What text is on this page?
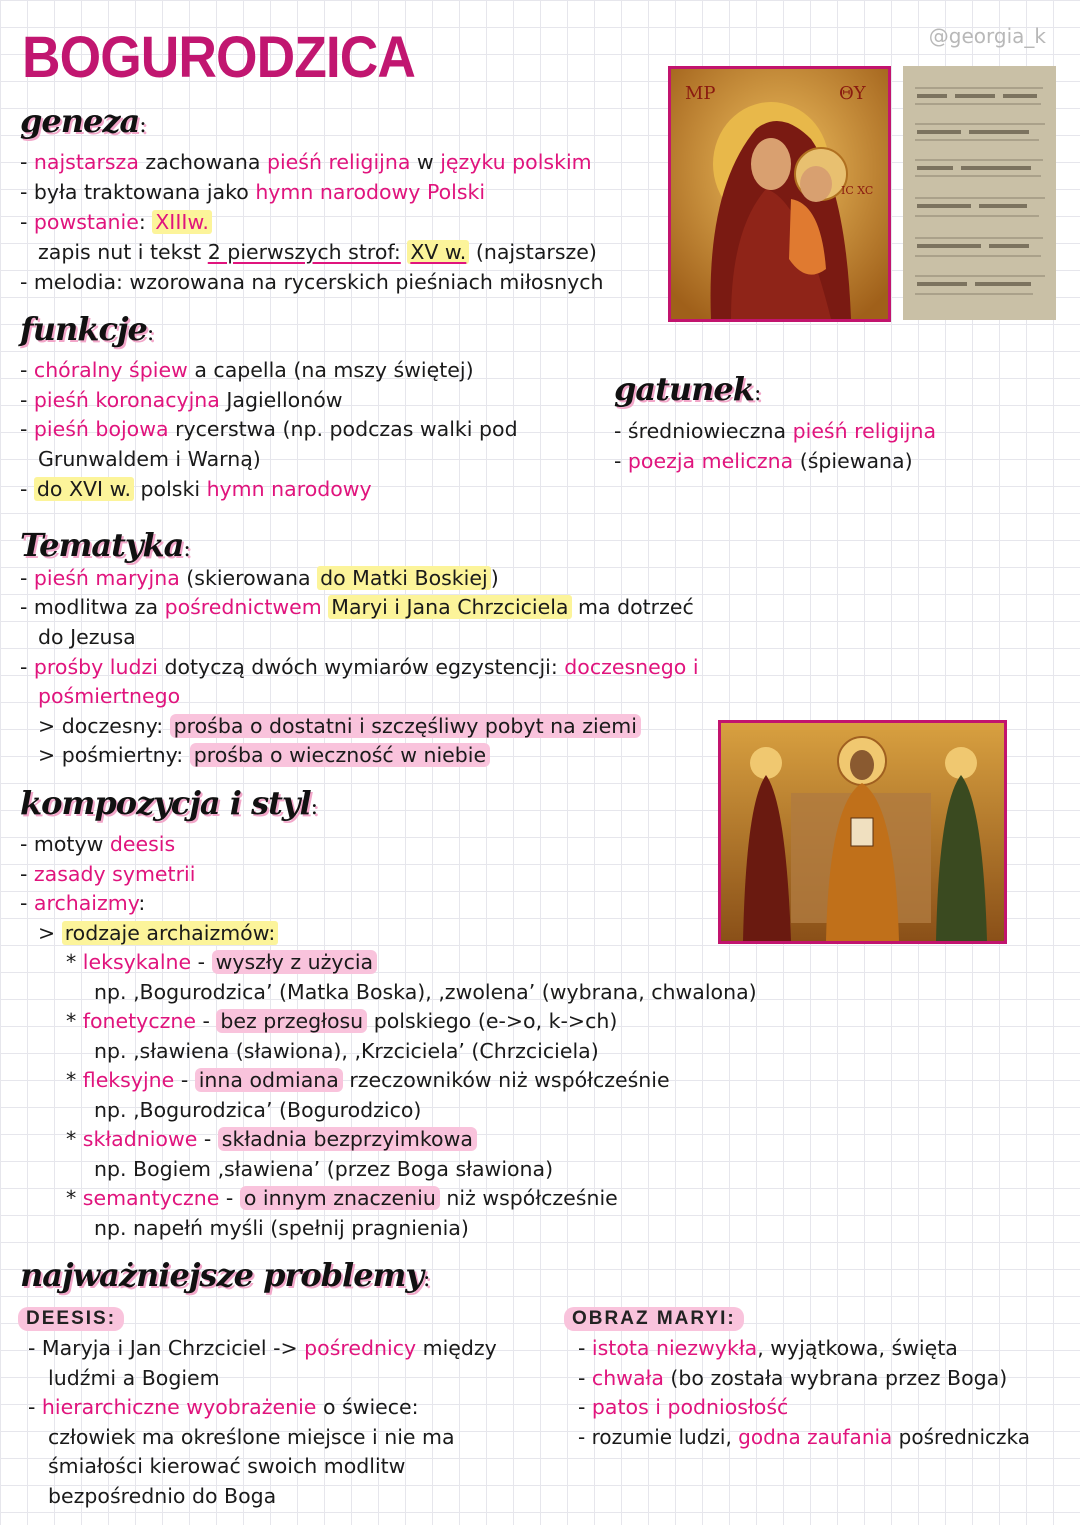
BOGURODZICA	@georgia_k
geneza:
- najstarsza zachowana pieśń religijna w języku polskim
- była traktowana jako hymn narodowy Polski
- powstanie: XIIIw.
zapis nut i tekst 2 pierwszych strof: XV w. (najstarsze)
- melodia: wzorowana na rycerskich pieśniach miłosnych
MP	ΘΥ
IC XC
funkcje:
- chóralny śpiew a capella (na mszy świętej)
- pieśń koronacyjna Jagiellonów
- pieśń bojowa rycerstwa (np. podczas walki pod
Grunwaldem i Warną)
- do XVI w. polski hymn narodowy
gatunek:
- średniowieczna pieśń religijna
- poezja meliczna (śpiewana)
Tematyka:
- pieśń maryjna (skierowana do Matki Boskiej )
- modlitwa za pośrednictwem Maryi i Jana Chrzciciela ma dotrzeć
do Jezusa
- prośby ludzi dotyczą dwóch wymiarów egzystencji: doczesnego i
pośmiertnego
> doczesny: prośba o dostatni i szczęśliwy pobyt na ziemi
> pośmiertny: prośba o wieczność w niebie
kompozycja i styl:
- motyw deesis
- zasady symetrii
- archaizmy:
> rodzaje archaizmów:
* leksykalne - wyszły z użycia
np. ‚Bogurodzica’ (Matka Boska), ‚zwolena’ (wybrana, chwalona)
* fonetyczne - bez przegłosu polskiego (e->o, k->ch)
np. ‚sławiena (sławiona), ‚Krzciciela’ (Chrzciciela)
* fleksyjne - inna odmiana rzeczowników niż współcześnie
np. ‚Bogurodzica’ (Bogurodzico)
* składniowe - składnia bezprzyimkowa
np. Bogiem ‚sławiena’ (przez Boga sławiona)
* semantyczne - o innym znaczeniu niż współcześnie
np. napełń myśli (spełnij pragnienia)
najważniejsze problemy:
DEESIS:
- Maryja i Jan Chrzciciel -> pośrednicy między
ludźmi a Bogiem
- hierarchiczne wyobrażenie o świece:
człowiek ma określone miejsce i nie ma
śmiałości kierować swoich modlitw
bezpośrednio do Boga
OBRAZ MARYI:
- istota niezwykła, wyjątkowa, święta
- chwała (bo została wybrana przez Boga)
- patos i podniosłość
- rozumie ludzi, godna zaufania pośredniczka
